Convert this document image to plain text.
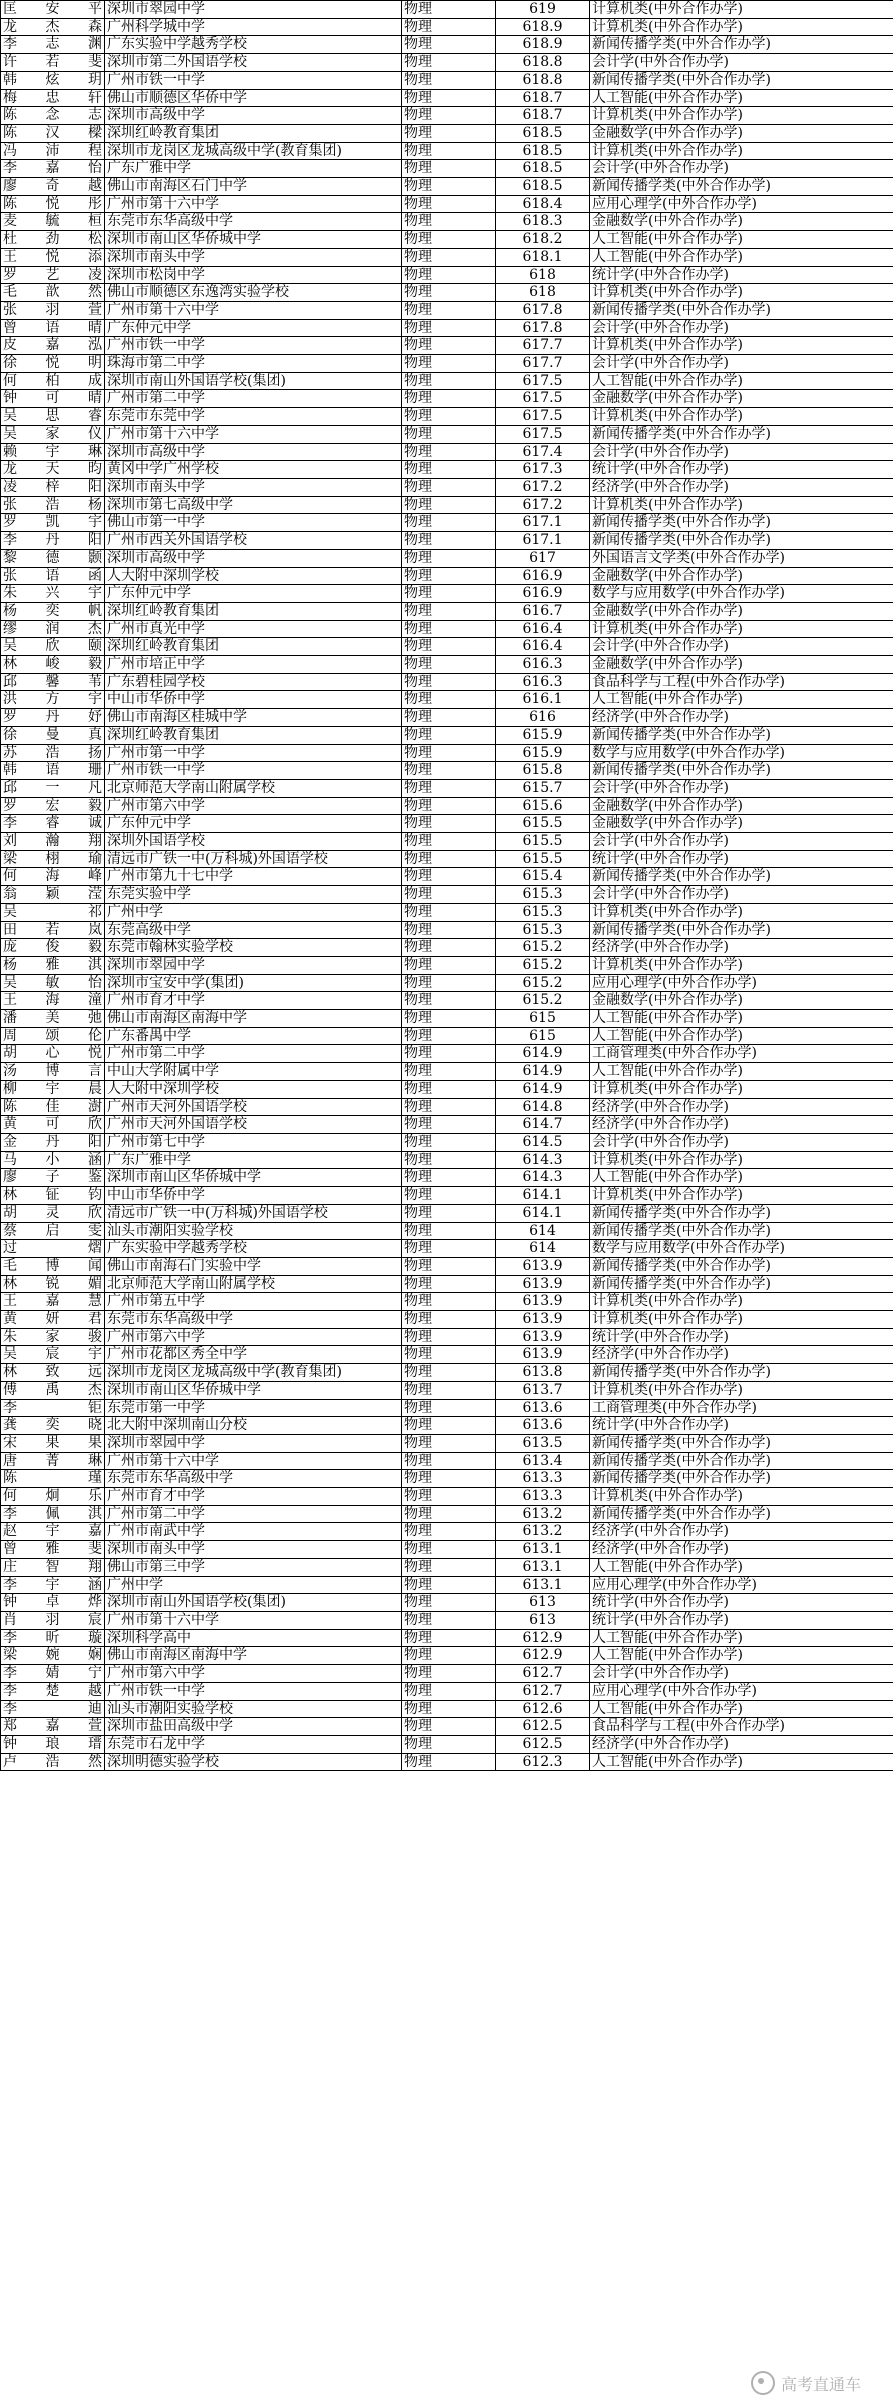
匡安平	深圳市翠园中学	物理	619	计算机类(中外合作办学)
龙杰森	广州科学城中学	物理	618.9	计算机类(中外合作办学)
李志渊	广东实验中学越秀学校	物理	618.9	新闻传播学类(中外合作办学)
许若斐	深圳市第二外国语学校	物理	618.8	会计学(中外合作办学)
韩炫玥	广州市铁一中学	物理	618.8	新闻传播学类(中外合作办学)
梅忠轩	佛山市顺德区华侨中学	物理	618.7	人工智能(中外合作办学)
陈念志	深圳市高级中学	物理	618.7	计算机类(中外合作办学)
陈汉樑	深圳红岭教育集团	物理	618.5	金融数学(中外合作办学)
冯沛程	深圳市龙岗区龙城高级中学(教育集团)	物理	618.5	计算机类(中外合作办学)
李嘉怡	广东广雅中学	物理	618.5	会计学(中外合作办学)
廖奇越	佛山市南海区石门中学	物理	618.5	新闻传播学类(中外合作办学)
陈悦彤	广州市第十六中学	物理	618.4	应用心理学(中外合作办学)
麦毓桓	东莞市东华高级中学	物理	618.3	金融数学(中外合作办学)
杜劲松	深圳市南山区华侨城中学	物理	618.2	人工智能(中外合作办学)
王悦添	深圳市南头中学	物理	618.1	人工智能(中外合作办学)
罗艺凌	深圳市松岗中学	物理	618	统计学(中外合作办学)
毛歆然	佛山市顺德区东逸湾实验学校	物理	618	计算机类(中外合作办学)
张羽萱	广州市第十六中学	物理	617.8	新闻传播学类(中外合作办学)
曾语晴	广东仲元中学	物理	617.8	会计学(中外合作办学)
皮嘉泓	广州市铁一中学	物理	617.7	计算机类(中外合作办学)
徐悦明	珠海市第二中学	物理	617.7	会计学(中外合作办学)
何柏成	深圳市南山外国语学校(集团)	物理	617.5	人工智能(中外合作办学)
钟可晴	广州市第二中学	物理	617.5	金融数学(中外合作办学)
吴思睿	东莞市东莞中学	物理	617.5	计算机类(中外合作办学)
吴家仪	广州市第十六中学	物理	617.5	新闻传播学类(中外合作办学)
赖宇琳	深圳市高级中学	物理	617.4	会计学(中外合作办学)
龙天昀	黄冈中学广州学校	物理	617.3	统计学(中外合作办学)
凌梓阳	深圳市南头中学	物理	617.2	经济学(中外合作办学)
张浩杨	深圳市第七高级中学	物理	617.2	计算机类(中外合作办学)
罗凯宇	佛山市第一中学	物理	617.1	新闻传播学类(中外合作办学)
李丹阳	广州市西关外国语学校	物理	617.1	新闻传播学类(中外合作办学)
黎德颢	深圳市高级中学	物理	617	外国语言文学类(中外合作办学)
张语函	人大附中深圳学校	物理	616.9	金融数学(中外合作办学)
朱兴宇	广东仲元中学	物理	616.9	数学与应用数学(中外合作办学)
杨奕帆	深圳红岭教育集团	物理	616.7	金融数学(中外合作办学)
缪润杰	广州市真光中学	物理	616.4	计算机类(中外合作办学)
吴欣颐	深圳红岭教育集团	物理	616.4	会计学(中外合作办学)
林峻毅	广州市培正中学	物理	616.3	金融数学(中外合作办学)
邱馨苇	广东碧桂园学校	物理	616.3	食品科学与工程(中外合作办学)
洪方宇	中山市华侨中学	物理	616.1	人工智能(中外合作办学)
罗丹妤	佛山市南海区桂城中学	物理	616	经济学(中外合作办学)
徐曼真	深圳红岭教育集团	物理	615.9	新闻传播学类(中外合作办学)
苏浩扬	广州市第一中学	物理	615.9	数学与应用数学(中外合作办学)
韩语珊	广州市铁一中学	物理	615.8	新闻传播学类(中外合作办学)
邱一凡	北京师范大学南山附属学校	物理	615.7	会计学(中外合作办学)
罗宏毅	广州市第六中学	物理	615.6	金融数学(中外合作办学)
李睿诚	广东仲元中学	物理	615.5	金融数学(中外合作办学)
刘瀚翔	深圳外国语学校	物理	615.5	会计学(中外合作办学)
梁栩瑜	清远市广铁一中(万科城)外国语学校	物理	615.5	统计学(中外合作办学)
何海峰	广州市第九十七中学	物理	615.4	新闻传播学类(中外合作办学)
翁颖滢	东莞实验中学	物理	615.3	会计学(中外合作办学)
吴祁	广州中学	物理	615.3	计算机类(中外合作办学)
田若岚	东莞高级中学	物理	615.3	新闻传播学类(中外合作办学)
庞俊毅	东莞市翰林实验学校	物理	615.2	经济学(中外合作办学)
杨雅淇	深圳市翠园中学	物理	615.2	计算机类(中外合作办学)
吴敏怡	深圳市宝安中学(集团)	物理	615.2	应用心理学(中外合作办学)
王海潼	广州市育才中学	物理	615.2	金融数学(中外合作办学)
潘美弛	佛山市南海区南海中学	物理	615	人工智能(中外合作办学)
周颂伦	广东番禺中学	物理	615	人工智能(中外合作办学)
胡心悦	广州市第二中学	物理	614.9	工商管理类(中外合作办学)
汤博言	中山大学附属中学	物理	614.9	人工智能(中外合作办学)
柳宇晨	人大附中深圳学校	物理	614.9	计算机类(中外合作办学)
陈佳澍	广州市天河外国语学校	物理	614.8	经济学(中外合作办学)
黄可欣	广州市天河外国语学校	物理	614.7	经济学(中外合作办学)
金丹阳	广州市第七中学	物理	614.5	会计学(中外合作办学)
马小涵	广东广雅中学	物理	614.3	计算机类(中外合作办学)
廖子鉴	深圳市南山区华侨城中学	物理	614.3	人工智能(中外合作办学)
林钲钧	中山市华侨中学	物理	614.1	计算机类(中外合作办学)
胡灵欣	清远市广铁一中(万科城)外国语学校	物理	614.1	新闻传播学类(中外合作办学)
蔡启雯	汕头市潮阳实验学校	物理	614	新闻传播学类(中外合作办学)
过熠	广东实验中学越秀学校	物理	614	数学与应用数学(中外合作办学)
毛博闻	佛山市南海石门实验中学	物理	613.9	新闻传播学类(中外合作办学)
林锐媚	北京师范大学南山附属学校	物理	613.9	新闻传播学类(中外合作办学)
王嘉慧	广州市第五中学	物理	613.9	计算机类(中外合作办学)
黄妍君	东莞市东华高级中学	物理	613.9	计算机类(中外合作办学)
朱家骏	广州市第六中学	物理	613.9	统计学(中外合作办学)
吴宸宇	广州市花都区秀全中学	物理	613.9	经济学(中外合作办学)
林致远	深圳市龙岗区龙城高级中学(教育集团)	物理	613.8	新闻传播学类(中外合作办学)
傅禹杰	深圳市南山区华侨城中学	物理	613.7	计算机类(中外合作办学)
李钜	东莞市第一中学	物理	613.6	工商管理类(中外合作办学)
龚奕晓	北大附中深圳南山分校	物理	613.6	统计学(中外合作办学)
宋果果	深圳市翠园中学	物理	613.5	新闻传播学类(中外合作办学)
唐菁琳	广州市第十六中学	物理	613.4	新闻传播学类(中外合作办学)
陈瑾	东莞市东华高级中学	物理	613.3	新闻传播学类(中外合作办学)
何炯乐	广州市育才中学	物理	613.3	计算机类(中外合作办学)
李佩淇	广州市第二中学	物理	613.2	新闻传播学类(中外合作办学)
赵宇嘉	广州市南武中学	物理	613.2	经济学(中外合作办学)
曾雅斐	深圳市南头中学	物理	613.1	经济学(中外合作办学)
庄智翔	佛山市第三中学	物理	613.1	人工智能(中外合作办学)
李宇涵	广州中学	物理	613.1	应用心理学(中外合作办学)
钟卓烨	深圳市南山外国语学校(集团)	物理	613	统计学(中外合作办学)
肖羽宸	广州市第十六中学	物理	613	统计学(中外合作办学)
李昕璇	深圳科学高中	物理	612.9	人工智能(中外合作办学)
梁婉娴	佛山市南海区南海中学	物理	612.9	人工智能(中外合作办学)
李婧宁	广州市第六中学	物理	612.7	会计学(中外合作办学)
李楚越	广州市铁一中学	物理	612.7	应用心理学(中外合作办学)
李迪	汕头市潮阳实验学校	物理	612.6	人工智能(中外合作办学)
郑嘉萱	深圳市盐田高级中学	物理	612.5	食品科学与工程(中外合作办学)
钟琅瑨	东莞市石龙中学	物理	612.5	经济学(中外合作办学)
卢浩然	深圳明德实验学校	物理	612.3	人工智能(中外合作办学)
高考直通车
